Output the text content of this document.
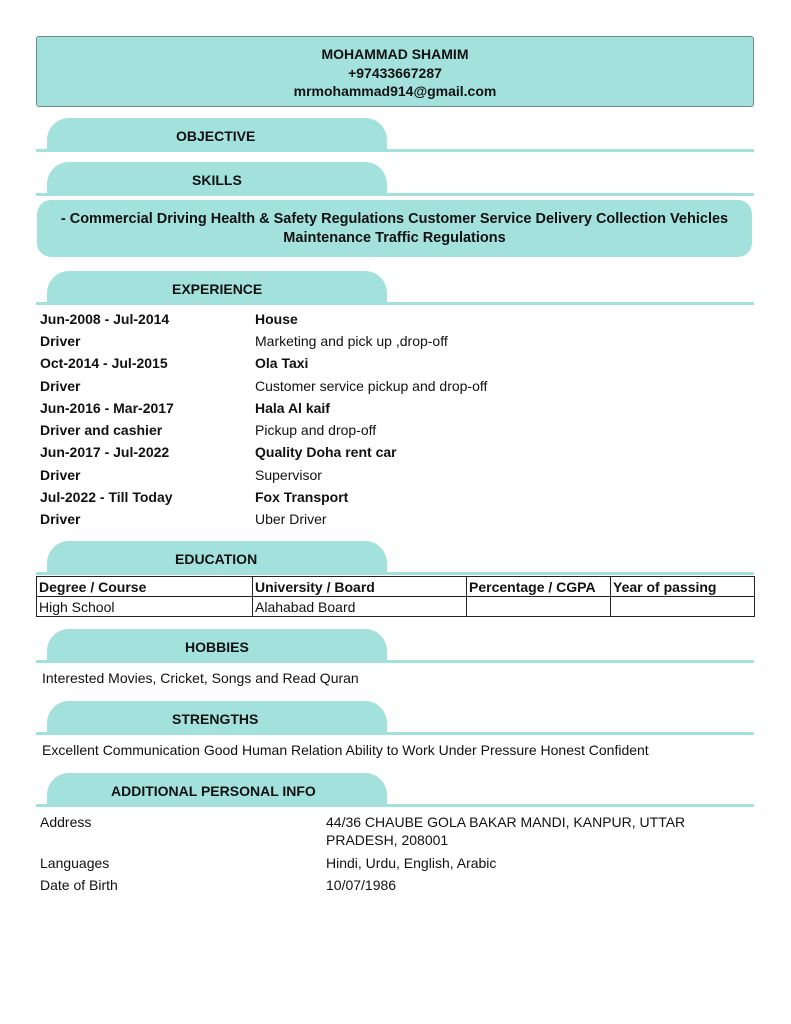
MOHAMMAD SHAMIM
+97433667287
mrmohammad914@gmail.com
OBJECTIVE
SKILLS
- Commercial Driving Health & Safety Regulations Customer Service Delivery Collection Vehicles Maintenance Traffic Regulations
EXPERIENCE
Jun-2008 - Jul-2014	House
Driver	Marketing and pick up ,drop-off
Oct-2014 - Jul-2015	Ola Taxi
Driver	Customer service pickup and drop-off
Jun-2016 - Mar-2017	Hala Al kaif
Driver and cashier	Pickup and drop-off
Jun-2017 - Jul-2022	Quality Doha rent car
Driver	Supervisor
Jul-2022 - Till Today	Fox Transport
Driver	Uber Driver
EDUCATION
Degree / Course	University / Board	Percentage / CGPA	Year of passing
High School	Alahabad Board		
HOBBIES
Interested Movies, Cricket, Songs and Read Quran
STRENGTHS
Excellent Communication Good Human Relation Ability to Work Under Pressure Honest Confident
ADDITIONAL PERSONAL INFO
Address	44/36 CHAUBE GOLA BAKAR MANDI, KANPUR, UTTAR PRADESH, 208001
Languages	Hindi, Urdu, English, Arabic
Date of Birth	10/07/1986
